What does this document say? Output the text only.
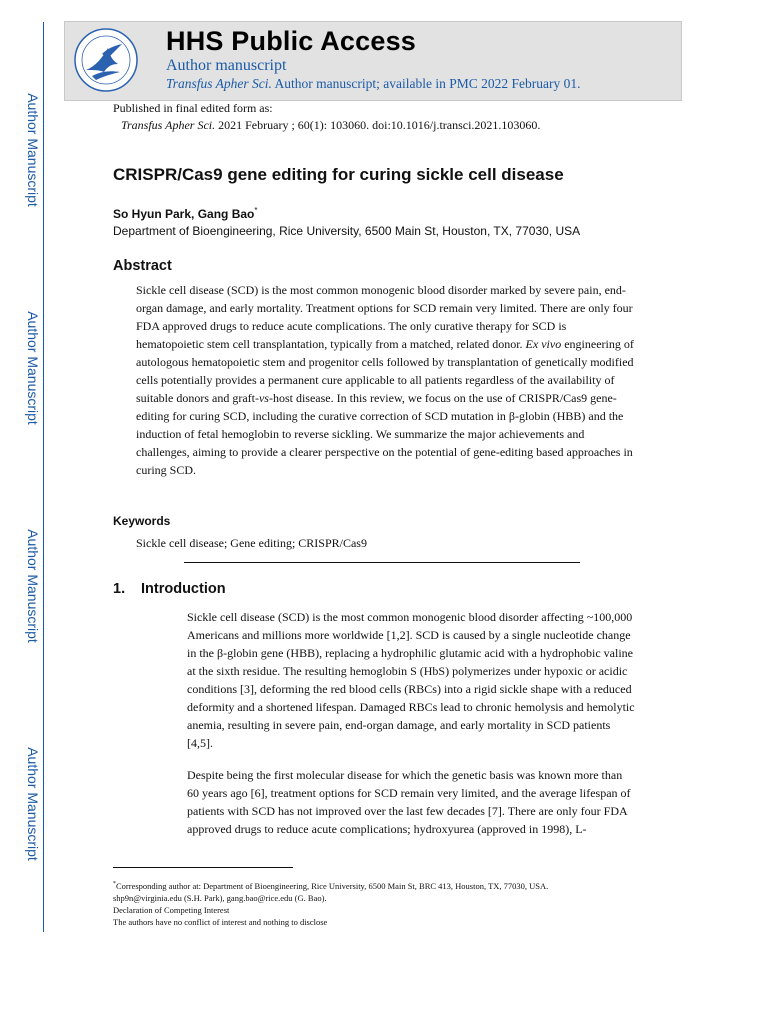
Author Manuscript
Author Manuscript
Author Manuscript
Author Manuscript
HHS Public Access
Author manuscript
Transfus Apher Sci. Author manuscript; available in PMC 2022 February 01.
Published in final edited form as:
Transfus Apher Sci. 2021 February ; 60(1): 103060. doi:10.1016/j.transci.2021.103060.
CRISPR/Cas9 gene editing for curing sickle cell disease
So Hyun Park, Gang Bao*
Department of Bioengineering, Rice University, 6500 Main St, Houston, TX, 77030, USA
Abstract
Sickle cell disease (SCD) is the most common monogenic blood disorder marked by severe pain, end-organ damage, and early mortality. Treatment options for SCD remain very limited. There are only four FDA approved drugs to reduce acute complications. The only curative therapy for SCD is hematopoietic stem cell transplantation, typically from a matched, related donor. Ex vivo engineering of autologous hematopoietic stem and progenitor cells followed by transplantation of genetically modified cells potentially provides a permanent cure applicable to all patients regardless of the availability of suitable donors and graft-vs-host disease. In this review, we focus on the use of CRISPR/Cas9 gene-editing for curing SCD, including the curative correction of SCD mutation in β-globin (HBB) and the induction of fetal hemoglobin to reverse sickling. We summarize the major achievements and challenges, aiming to provide a clearer perspective on the potential of gene-editing based approaches in curing SCD.
Keywords
Sickle cell disease; Gene editing; CRISPR/Cas9
1. Introduction
Sickle cell disease (SCD) is the most common monogenic blood disorder affecting ~100,000 Americans and millions more worldwide [1,2]. SCD is caused by a single nucleotide change in the β-globin gene (HBB), replacing a hydrophilic glutamic acid with a hydrophobic valine at the sixth residue. The resulting hemoglobin S (HbS) polymerizes under hypoxic or acidic conditions [3], deforming the red blood cells (RBCs) into a rigid sickle shape with a reduced deformity and a shortened lifespan. Damaged RBCs lead to chronic hemolysis and hemolytic anemia, resulting in severe pain, end-organ damage, and early mortality in SCD patients [4,5].
Despite being the first molecular disease for which the genetic basis was known more than 60 years ago [6], treatment options for SCD remain very limited, and the average lifespan of patients with SCD has not improved over the last few decades [7]. There are only four FDA approved drugs to reduce acute complications; hydroxyurea (approved in 1998), L-
*Corresponding author at: Department of Bioengineering, Rice University, 6500 Main St, BRC 413, Houston, TX, 77030, USA.
shp9n@virginia.edu (S.H. Park), gang.bao@rice.edu (G. Bao).
Declaration of Competing Interest
The authors have no conflict of interest and nothing to disclose
